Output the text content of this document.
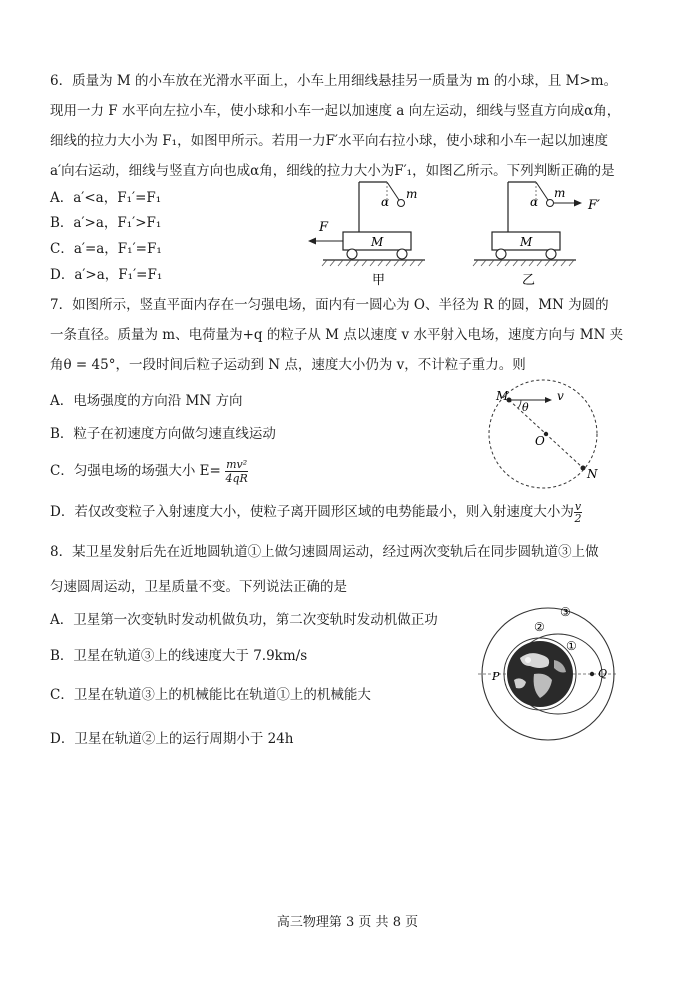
6．质量为 M 的小车放在光滑水平面上，小车上用细线悬挂另一质量为 m 的小球，且 M>m。
现用一力 F 水平向左拉小车，使小球和小车一起以加速度 a 向左运动，细线与竖直方向成α角，
细线的拉力大小为 F₁，如图甲所示。若用一力F′水平向右拉小球，使小球和小车一起以加速度
a′向右运动，细线与竖直方向也成α角，细线的拉力大小为F′₁，如图乙所示。下列判断正确的是
A．a′<a，F₁′=F₁
B．a′>a，F₁′>F₁
C．a′=a，F₁′=F₁
D．a′>a，F₁′=F₁
M
m
α
F
甲
M
m
α	F′
乙
7．如图所示，竖直平面内存在一匀强电场，面内有一圆心为 O、半径为 R 的圆，MN 为圆的
一条直径。质量为 m、电荷量为+q 的粒子从 M 点以速度 v 水平射入电场，速度方向与 MN 夹
角θ = 45°，一段时间后粒子运动到 N 点，速度大小仍为 v，不计粒子重力。则
A．电场强度的方向沿 MN 方向
B．粒子在初速度方向做匀速直线运动
C．匀强电场的场强大小 $E= \frac{\text{mv²}}{4qR}$
D．若仅改变粒子入射速度大小，使粒子离开圆形区域的电势能最小，则入射速度大小为 $\frac{v}{2}$
v
θ
M
O
N
8．某卫星发射后先在近地圆轨道①上做匀速圆周运动，经过两次变轨后在同步圆轨道③上做
匀速圆周运动，卫星质量不变。下列说法正确的是
A．卫星第一次变轨时发动机做负功，第二次变轨时发动机做正功
B．卫星在轨道③上的线速度大于 7.9km/s
C．卫星在轨道③上的机械能比在轨道①上的机械能大
D．卫星在轨道②上的运行周期小于 24h
①
②
③
P	Q
高三物理第 3 页 共 8 页
